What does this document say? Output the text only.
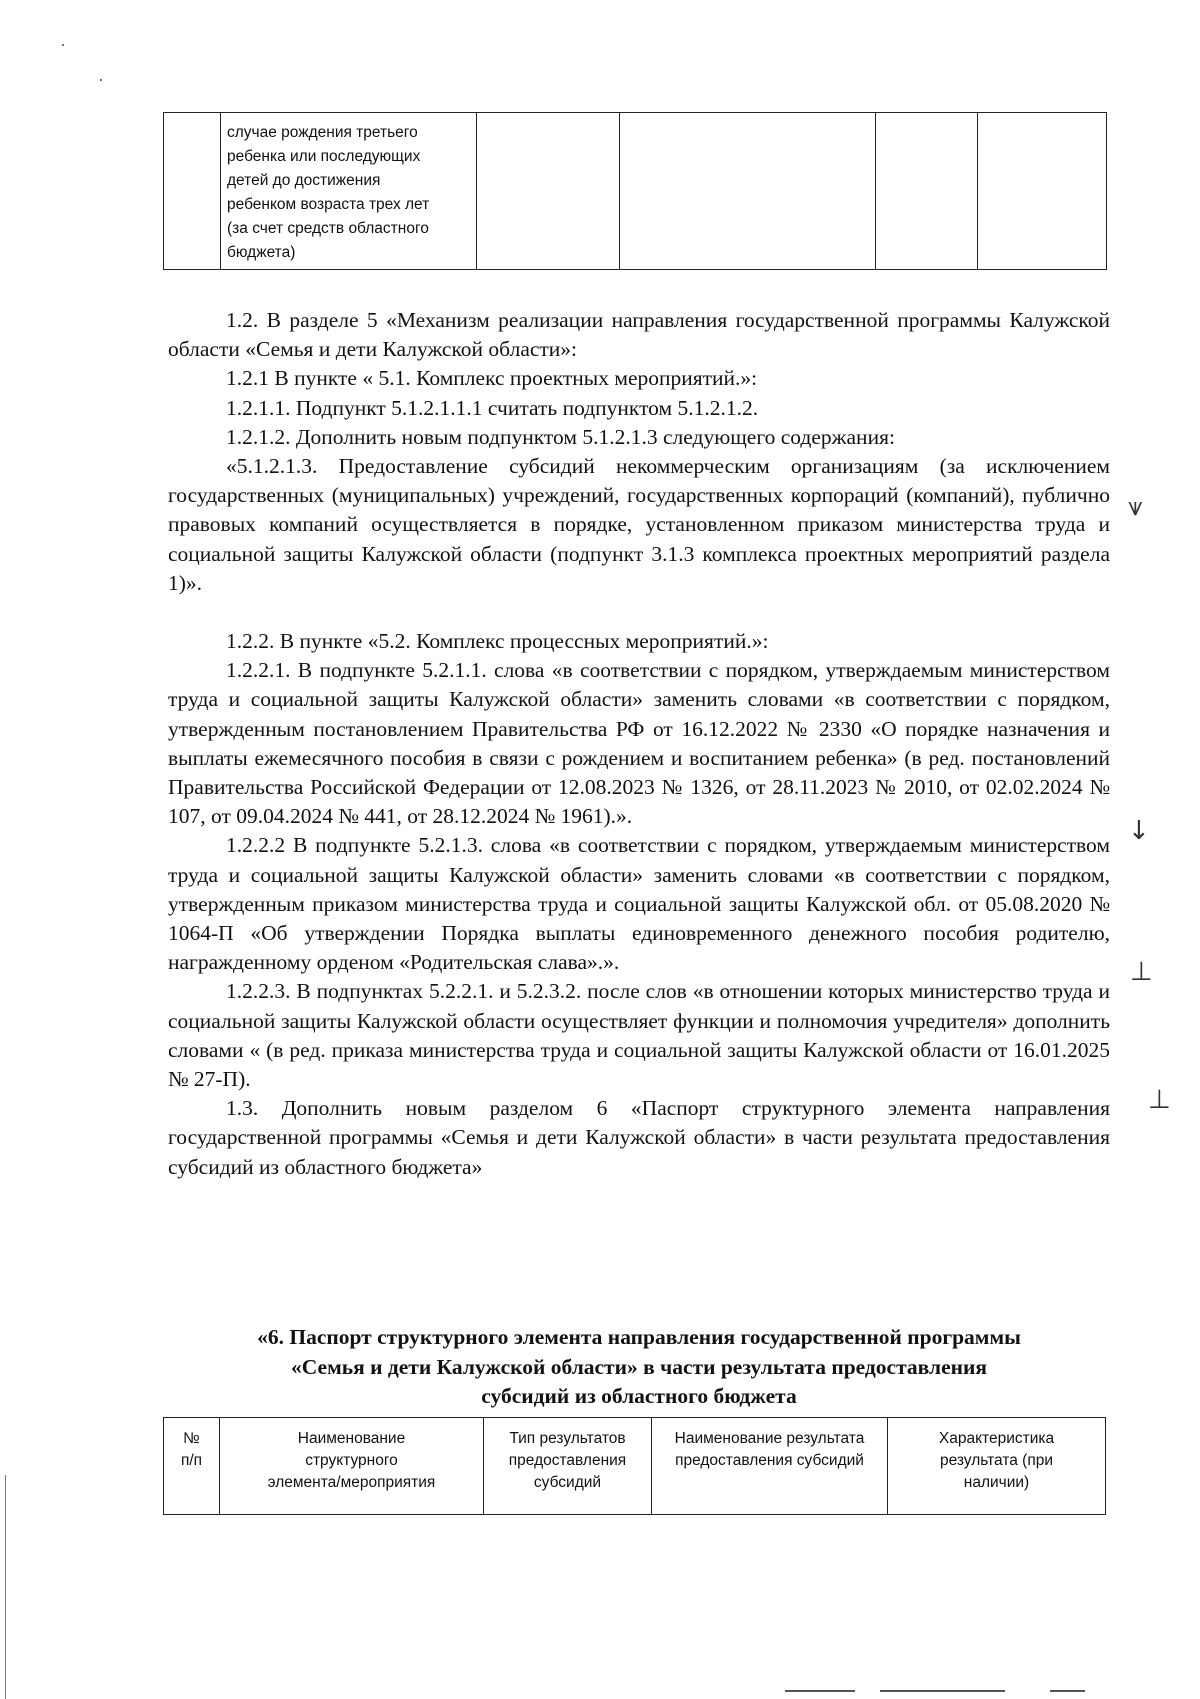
случае рождения третьего
ребенка или последующих
детей до достижения
ребенком возраста трех лет
(за счет средств областного
бюджета)

1.2. В разделе 5 «Механизм реализации направления государственной программы Калужской области «Семья и дети Калужской области»:

1.2.1 В пункте « 5.1. Комплекс проектных мероприятий.»:

1.2.1.1. Подпункт 5.1.2.1.1.1 считать подпунктом 5.1.2.1.2.

1.2.1.2. Дополнить новым подпунктом 5.1.2.1.3 следующего содержания:

«5.1.2.1.3. Предоставление субсидий некоммерческим организациям (за исключением государственных (муниципальных) учреждений, государственных корпораций (компаний), публично правовых компаний осуществляется в порядке, установленном приказом министерства труда и социальной защиты Калужской области (подпункт 3.1.3 комплекса проектных мероприятий раздела 1)».

1.2.2. В пункте «5.2. Комплекс процессных мероприятий.»:

1.2.2.1. В подпункте 5.2.1.1. слова «в соответствии с порядком, утверждаемым министерством труда и социальной защиты Калужской области» заменить словами «в соответствии с порядком, утвержденным постановлением Правительства РФ от 16.12.2022 № 2330 «О порядке назначения и выплаты ежемесячного пособия в связи с рождением и воспитанием ребенка» (в ред. постановлений Правительства Российской Федерации от 12.08.2023 № 1326, от 28.11.2023 № 2010, от 02.02.2024 № 107, от 09.04.2024 № 441, от 28.12.2024 № 1961).».

1.2.2.2 В подпункте 5.2.1.3. слова «в соответствии с порядком, утверждаемым министерством труда и социальной защиты Калужской области» заменить словами «в соответствии с порядком, утвержденным приказом министерства труда и социальной защиты Калужской обл. от 05.08.2020 № 1064-П «Об утверждении Порядка выплаты единовременного денежного пособия родителю, награжденному орденом «Родительская слава».».

1.2.2.3. В подпунктах 5.2.2.1. и 5.2.3.2. после слов «в отношении которых министерство труда и социальной защиты Калужской области осуществляет функции и полномочия учредителя» дополнить словами « (в ред. приказа министерства труда и социальной защиты Калужской области от 16.01.2025 № 27-П).

1.3. Дополнить новым разделом 6 «Паспорт структурного элемента направления государственной программы «Семья и дети Калужской области» в части результата предоставления субсидий из областного бюджета»

«6. Паспорт структурного элемента направления государственной программы
«Семья и дети Калужской области» в части результата предоставления
субсидий из областного бюджета
№
п/п	Наименование
структурного
элемента/мероприятия	Тип результатов
предоставления
субсидий	Наименование результата
предоставления субсидий	Характеристика
результата (при
наличии)
⩛
↓
⊥
⊥
